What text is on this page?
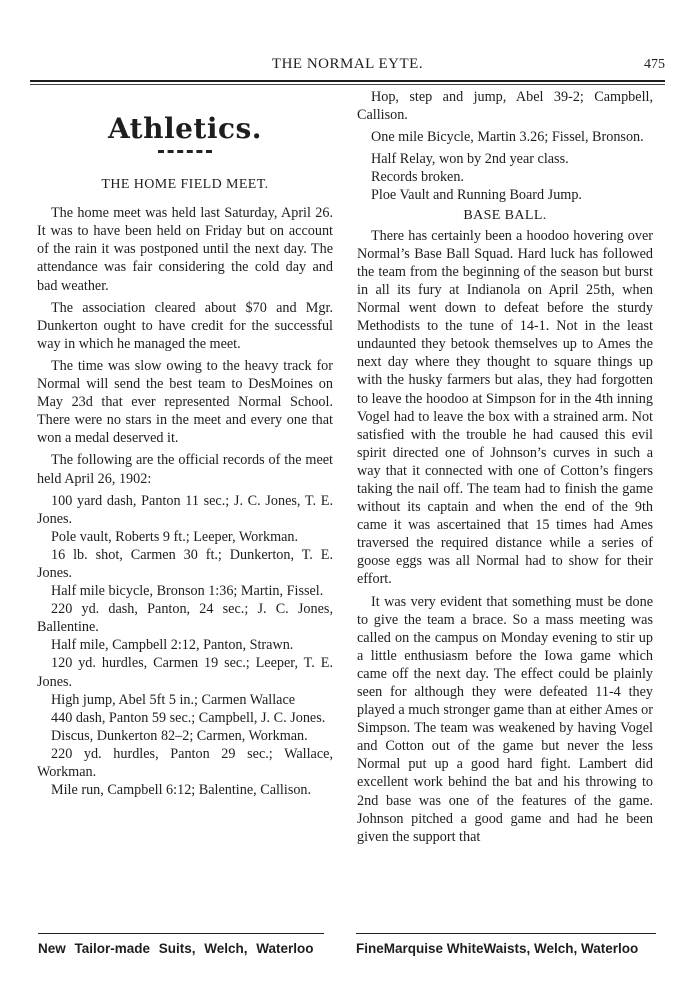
THE NORMAL EYTE.	475
Athletics.
THE HOME FIELD MEET.

The home meet was held last Saturday, April 26. It was to have been held on Friday but on account of the rain it was postponed until the next day. The attendance was fair considering the cold day and bad weather.

The association cleared about $70 and Mgr. Dunkerton ought to have credit for the successful way in which he managed the meet.

The time was slow owing to the heavy track for Normal will send the best team to DesMoines on May 23d that ever represented Normal School. There were no stars in the meet and every one that won a medal deserved it.

The following are the official records of the meet held April 26, 1902:

100 yard dash, Panton 11 sec.; J. C. Jones, T. E. Jones.

Pole vault, Roberts 9 ft.; Leeper, Workman.

16 lb. shot, Carmen 30 ft.; Dunkerton, T. E. Jones.

Half mile bicycle, Bronson 1:36; Martin, Fissel.

220 yd. dash, Panton, 24 sec.; J. C. Jones, Ballentine.

Half mile, Campbell 2:12, Panton, Strawn.

120 yd. hurdles, Carmen 19 sec.; Leeper, T. E. Jones.

High jump, Abel 5ft 5 in.; Carmen Wallace

440 dash, Panton 59 sec.; Campbell, J. C. Jones.

Discus, Dunkerton 82–2; Carmen, Workman.

220 yd. hurdles, Panton 29 sec.; Wallace, Workman.

Mile run, Campbell 6:12; Balentine, Callison.

Hop, step and jump, Abel 39-2; Campbell, Callison.

One mile Bicycle, Martin 3.26; Fissel, Bronson.

Half Relay, won by 2nd year class.

Records broken.

Ploe Vault and Running Board Jump.

BASE BALL.

There has certainly been a hoodoo hovering over Normal’s Base Ball Squad. Hard luck has followed the team from the beginning of the season but burst in all its fury at Indianola on April 25th, when Normal went down to defeat before the sturdy Methodists to the tune of 14-1. Not in the least undaunted they betook themselves up to Ames the next day where they thought to square things up with the husky farmers but alas, they had forgotten to leave the hoodoo at Simpson for in the 4th inning Vogel had to leave the box with a strained arm. Not satisfied with the trouble he had caused this evil spirit directed one of Johnson’s curves in such a way that it connected with one of Cotton’s fingers taking the nail off. The team had to finish the game without its captain and when the end of the 9th came it was ascertained that 15 times had Ames traversed the required distance while a series of goose eggs was all Normal had to show for their effort.

It was very evident that something must be done to give the team a brace. So a mass meeting was called on the campus on Monday evening to stir up a little enthusiasm before the Iowa game which came off the next day. The effect could be plainly seen for although they were defeated 11-4 they played a much stronger game than at either Ames or Simpson. The team was weakened by having Vogel and Cotton out of the game but never the less Normal put up a good hard fight. Lambert did excellent work behind the bat and his throwing to 2nd base was one of the features of the game. Johnson pitched a good game and had he been given the support that

New Tailor-made Suits, Welch, Waterloo	FineMarquise WhiteWaists, Welch, Waterloo
